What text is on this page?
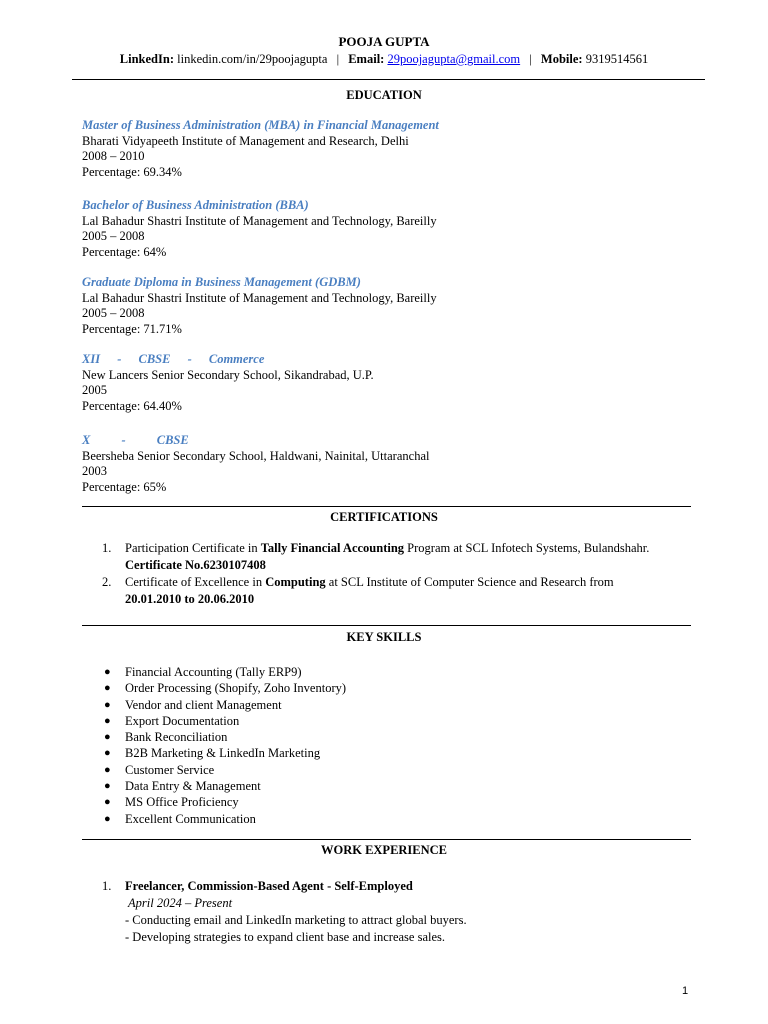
POOJA GUPTA
LinkedIn: linkedin.com/in/29poojagupta | Email: 29poojagupta@gmail.com | Mobile: 9319514561
EDUCATION
Master of Business Administration (MBA) in Financial Management
Bharati Vidyapeeth Institute of Management and Research, Delhi
2008 – 2010
Percentage: 69.34%
Bachelor of Business Administration (BBA)
Lal Bahadur Shastri Institute of Management and Technology, Bareilly
2005 – 2008
Percentage: 64%
Graduate Diploma in Business Management (GDBM)
Lal Bahadur Shastri Institute of Management and Technology, Bareilly
2005 – 2008
Percentage: 71.71%
XII - CBSE - Commerce
New Lancers Senior Secondary School, Sikandrabad, U.P.
2005
Percentage: 64.40%
X - CBSE
Beersheba Senior Secondary School, Haldwani, Nainital, Uttaranchal
2003
Percentage: 65%
CERTIFICATIONS
1. Participation Certificate in Tally Financial Accounting Program at SCL Infotech Systems, Bulandshahr.
Certificate No.6230107408
2. Certificate of Excellence in Computing at SCL Institute of Computer Science and Research from
20.01.2010 to 20.06.2010
KEY SKILLS
● Financial Accounting (Tally ERP9)
● Order Processing (Shopify, Zoho Inventory)
● Vendor and client Management
● Export Documentation
● Bank Reconciliation
● B2B Marketing & LinkedIn Marketing
● Customer Service
● Data Entry & Management
● MS Office Proficiency
● Excellent Communication
WORK EXPERIENCE
1. Freelancer, Commission-Based Agent - Self-Employed
April 2024 – Present
- Conducting email and LinkedIn marketing to attract global buyers.
- Developing strategies to expand client base and increase sales.
1
